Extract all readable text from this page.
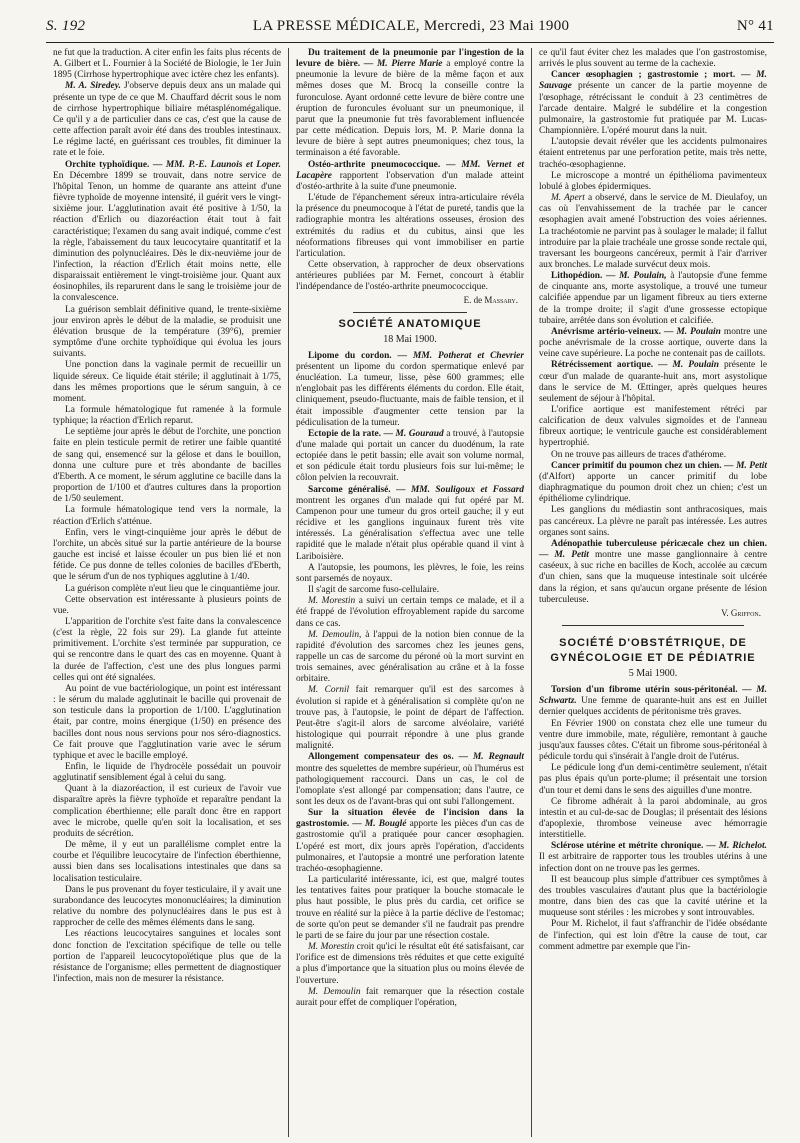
S. 192	LA PRESSE MÉDICALE, Mercredi, 23 Mai 1900	N° 41

ne fut que la traduction. A citer enfin les faits plus récents de A. Gilbert et L. Fournier à la Société de Biologie, le 1er Juin 1895 (Cirrhose hypertrophique avec ictère chez les enfants).

M. A. Siredey. J'observe depuis deux ans un malade qui présente un type de ce que M. Chauffard décrit sous le nom de cirrhose hypertrophique biliaire métasplénomégalique. Ce qu'il y a de particulier dans ce cas, c'est que la cause de cette affection paraît avoir été dans des troubles intestinaux. Le régime lacté, en guérissant ces troubles, fit diminuer la rate et le foie.

Orchite typhoïdique. — MM. P.-E. Launois et Loper. En Décembre 1899 se trouvait, dans notre service de l'hôpital Tenon, un homme de quarante ans atteint d'une fièvre typhoïde de moyenne intensité, il guérit vers le vingt-sixième jour. L'agglutination avait été positive à 1/50, la réaction d'Erlich ou diazoréaction était tout à fait caractéristique; l'examen du sang avait indiqué, comme c'est la règle, l'abaissement du taux leucocytaire quantitatif et la diminution des polynucléaires. Dès le dix-neuvième jour de l'infection, la réaction d'Erlich était moins nette, elle disparaissait entièrement le vingt-troisième jour. Quant aux éosinophiles, ils reparurent dans le sang le troisième jour de la convalescence.

La guérison semblait définitive quand, le trente-sixième jour environ après le début de la maladie, se produisit une élévation brusque de la température (39°6), premier symptôme d'une orchite typhoïdique qui évolua les jours suivants.

Une ponction dans la vaginale permit de recueillir un liquide séreux. Ce liquide était stérile; il agglutinait à 1/75, dans les mêmes proportions que le sérum sanguin, à ce moment.

La formule hématologique fut ramenée à la formule typhique; la réaction d'Erlich reparut.

Le septième jour après le début de l'orchite, une ponction faite en plein testicule permit de retirer une faible quantité de sang qui, ensemencé sur la gélose et dans le bouillon, donna une culture pure et très abondante de bacilles d'Eberth. A ce moment, le sérum agglutine ce bacille dans la proportion de 1/100 et d'autres cultures dans la proportion de 1/50 seulement.

La formule hématologique tend vers la normale, la réaction d'Erlich s'atténue.

Enfin, vers le vingt-cinquième jour après le début de l'orchite, un abcès situé sur la partie antérieure de la bourse gauche est incisé et laisse écouler un pus bien lié et non fétide. Ce pus donne de telles colonies de bacilles d'Eberth, que le sérum d'un de nos typhiques agglutine à 1/40.

La guérison complète n'eut lieu que le cinquantième jour.

Cette observation est intéressante à plusieurs points de vue.

L'apparition de l'orchite s'est faite dans la convalescence (c'est la règle, 22 fois sur 29). La glande fut atteinte primitivement. L'orchite s'est terminée par suppuration, ce qui se rencontre dans le quart des cas en moyenne. Quant à la durée de l'affection, c'est une des plus longues parmi celles qui ont été signalées.

Au point de vue bactériologique, un point est intéressant : le sérum du malade agglutinait le bacille qui provenait de son testicule dans la proportion de 1/100. L'agglutination était, par contre, moins énergique (1/50) en présence des bacilles dont nous nous servions pour nos séro-diagnostics. Ce fait prouve que l'agglutination varie avec le sérum typhique et avec le bacille employé.

Enfin, le liquide de l'hydrocèle possédait un pouvoir agglutinatif sensiblement égal à celui du sang.

Quant à la diazoréaction, il est curieux de l'avoir vue disparaître après la fièvre typhoïde et reparaître pendant la complication éberthienne; elle paraît donc être en rapport avec le microbe, quelle qu'en soit la localisation, et ses produits de sécrétion.

De même, il y eut un parallélisme complet entre la courbe et l'équilibre leucocytaire de l'infection éberthienne, aussi bien dans ses localisations intestinales que dans sa localisation testiculaire.

Dans le pus provenant du foyer testiculaire, il y avait une surabondance des leucocytes mononucléaires; la diminution relative du nombre des polynucléaires dans le pus est à rapprocher de celle des mêmes éléments dans le sang.

Les réactions leucocytaires sanguines et locales sont donc fonction de l'excitation spécifique de telle ou telle portion de l'appareil leucocytopoïétique plus que de la résistance de l'organisme; elles permettent de diagnostiquer l'infection, mais non de mesurer la résistance.

Du traitement de la pneumonie par l'ingestion de la levure de bière. — M. Pierre Marie a employé contre la pneumonie la levure de bière de la même façon et aux mêmes doses que M. Brocq la conseille contre la furonculose. Ayant ordonné cette levure de bière contre une éruption de furoncules évoluant sur un pneumonique, il parut que la pneumonie fut très favorablement influencée par cette médication. Depuis lors, M. P. Marie donna la levure de bière à sept autres pneumoniques; chez tous, la terminaison a été favorable.

Ostéo-arthrite pneumococcique. — MM. Vernet et Lacapère rapportent l'observation d'un malade atteint d'ostéo-arthrite à la suite d'une pneumonie.

L'étude de l'épanchement séreux intra-articulaire révéla la présence du pneumocoque à l'état de pureté, tandis que la radiographie montra les altérations osseuses, érosion des extrémités du radius et du cubitus, ainsi que les néoformations fibreuses qui vont immobiliser en partie l'articulation.

Cette observation, à rapprocher de deux observations antérieures publiées par M. Fernet, concourt à établir l'indépendance de l'ostéo-arthrite pneumococcique.

E. de Massary.
SOCIÉTÉ ANATOMIQUE
18 Mai 1900.

Lipome du cordon. — MM. Potherat et Chevrier présentent un lipome du cordon spermatique enlevé par énucléation. La tumeur, lisse, pèse 600 grammes; elle n'englobait pas les différents éléments du cordon. Elle était, cliniquement, pseudo-fluctuante, mais de faible tension, et il était impossible d'augmenter cette tension par la pédiculisation de la tumeur.

Ectopie de la rate. — M. Gouraud a trouvé, à l'autopsie d'une malade qui portait un cancer du duodénum, la rate ectopiée dans le petit bassin; elle avait son volume normal, et son pédicule était tordu plusieurs fois sur lui-même; le côlon pelvien la recouvrait.

Sarcome généralisé. — MM. Souligoux et Fossard montrent les organes d'un malade qui fut opéré par M. Campenon pour une tumeur du gros orteil gauche; il y eut récidive et les ganglions inguinaux furent très vite intéressés. La généralisation s'effectua avec une telle rapidité que le malade n'était plus opérable quand il vint à Lariboisière.

A l'autopsie, les poumons, les plèvres, le foie, les reins sont parsemés de noyaux.

Il s'agit de sarcome fuso-cellulaire.

M. Morestin a suivi un certain temps ce malade, et il a été frappé de l'évolution effroyablement rapide du sarcome dans ce cas.

M. Demoulin, à l'appui de la notion bien connue de la rapidité d'évolution des sarcomes chez les jeunes gens, rappelle un cas de sarcome du péroné où la mort survint en trois semaines, avec généralisation au crâne et à la fosse orbitaire.

M. Cornil fait remarquer qu'il est des sarcomes à évolution si rapide et à généralisation si complète qu'on ne trouve pas, à l'autopsie, le point de départ de l'affection. Peut-être s'agit-il alors de sarcome alvéolaire, variété histologique qui pourrait répondre à une plus grande malignité.

Allongement compensateur des os. — M. Regnault montre des squelettes de membre supérieur, où l'humérus est pathologiquement raccourci. Dans un cas, le col de l'omoplate s'est allongé par compensation; dans l'autre, ce sont les deux os de l'avant-bras qui ont subi l'allongement.

Sur la situation élevée de l'incision dans la gastrostomie. — M. Bouglé apporte les pièces d'un cas de gastrostomie qu'il a pratiquée pour cancer œsophagien. L'opéré est mort, dix jours après l'opération, d'accidents pulmonaires, et l'autopsie a montré une perforation latente trachéo-œsophagienne.

La particularité intéressante, ici, est que, malgré toutes les tentatives faites pour pratiquer la bouche stomacale le plus haut possible, le plus près du cardia, cet orifice se trouve en réalité sur la pièce à la partie déclive de l'estomac; de sorte qu'on peut se demander s'il ne faudrait pas prendre le parti de se faire du jour par une résection costale.

M. Morestin croit qu'ici le résultat eût été satisfaisant, car l'orifice est de dimensions très réduites et que cette exiguïté a plus d'importance que la situation plus ou moins élevée de l'ouverture.

M. Demoulin fait remarquer que la résection costale aurait pour effet de compliquer l'opération,

ce qu'il faut éviter chez les malades que l'on gastrostomise, arrivés le plus souvent au terme de la cachexie.

Cancer œsophagien ; gastrostomie ; mort. — M. Sauvage présente un cancer de la partie moyenne de l'œsophage, rétrécissant le conduit à 23 centimètres de l'arcade dentaire. Malgré le subdélire et la congestion pulmonaire, la gastrostomie fut pratiquée par M. Lucas-Championnière. L'opéré mourut dans la nuit.

L'autopsie devait révéler que les accidents pulmonaires étaient entretenus par une perforation petite, mais très nette, trachéo-œsophagienne.

Le microscope a montré un épithélioma pavimenteux lobulé à globes épidermiques.

M. Apert a observé, dans le service de M. Dieulafoy, un cas où l'envahissement de la trachée par le cancer œsophagien avait amené l'obstruction des voies aériennes. La trachéotomie ne parvint pas à soulager le malade; il fallut introduire par la plaie trachéale une grosse sonde rectale qui, traversant les bourgeons cancéreux, permit à l'air d'arriver aux bronches. Le malade survécut deux mois.

Lithopédion. — M. Poulain, à l'autopsie d'une femme de cinquante ans, morte asystolique, a trouvé une tumeur calcifiée appendue par un ligament fibreux au tiers externe de la trompe droite; il s'agit d'une grossesse ectopique tubaire, arrêtée dans son évolution et calcifiée.

Anévrisme artério-veineux. — M. Poulain montre une poche anévrismale de la crosse aortique, ouverte dans la veine cave supérieure. La poche ne contenait pas de caillots.

Rétrécissement aortique. — M. Poulain présente le cœur d'un malade de quarante-huit ans, mort asystolique dans le service de M. Œttinger, après quelques heures seulement de séjour à l'hôpital.

L'orifice aortique est manifestement rétréci par calcification de deux valvules sigmoïdes et de l'anneau fibreux aortique; le ventricule gauche est considérablement hypertrophié.

On ne trouve pas ailleurs de traces d'athérome.

Cancer primitif du poumon chez un chien. — M. Petit (d'Alfort) apporte un cancer primitif du lobe diaphragmatique du poumon droit chez un chien; c'est un épithéliome cylindrique.

Les ganglions du médiastin sont anthracosiques, mais pas cancéreux. La plèvre ne paraît pas intéressée. Les autres organes sont sains.

Adénopathie tuberculeuse péricæcale chez un chien. — M. Petit montre une masse ganglionnaire à centre caséeux, à suc riche en bacilles de Koch, accolée au cæcum d'un chien, sans que la muqueuse intestinale soit ulcérée dans la région, et sans qu'aucun organe présente de lésion tuberculeuse.

V. Griffon.
SOCIÉTÉ D'OBSTÉTRIQUE, DE GYNÉCOLOGIE ET DE PÉDIATRIE
5 Mai 1900.

Torsion d'un fibrome utérin sous-péritonéal. — M. Schwartz. Une femme de quarante-huit ans est en Juillet dernier quelques accidents de péritonisme très graves.

En Février 1900 on constata chez elle une tumeur du ventre dure immobile, mate, régulière, remontant à gauche jusqu'aux fausses côtes. C'était un fibrome sous-péritonéal à pédicule tordu qui s'insérait à l'angle droit de l'utérus.

Le pédicule long d'un demi-centimètre seulement, n'était pas plus épais qu'un porte-plume; il présentait une torsion d'un tour et demi dans le sens des aiguilles d'une montre.

Ce fibrome adhérait à la paroi abdominale, au gros intestin et au cul-de-sac de Douglas; il présentait des lésions d'apoplexie, thrombose veineuse avec hémorragie interstitielle.

Sclérose utérine et métrite chronique. — M. Richelot. Il est arbitraire de rapporter tous les troubles utérins à une infection dont on ne trouve pas les germes.

Il est beaucoup plus simple d'attribuer ces symptômes à des troubles vasculaires d'autant plus que la bactériologie montre, dans bien des cas que la cavité utérine et la muqueuse sont stériles : les microbes y sont introuvables.

Pour M. Richelot, il faut s'affranchir de l'idée obsédante de l'infection, qui est loin d'être la cause de tout, car comment admettre par exemple que l'in-
